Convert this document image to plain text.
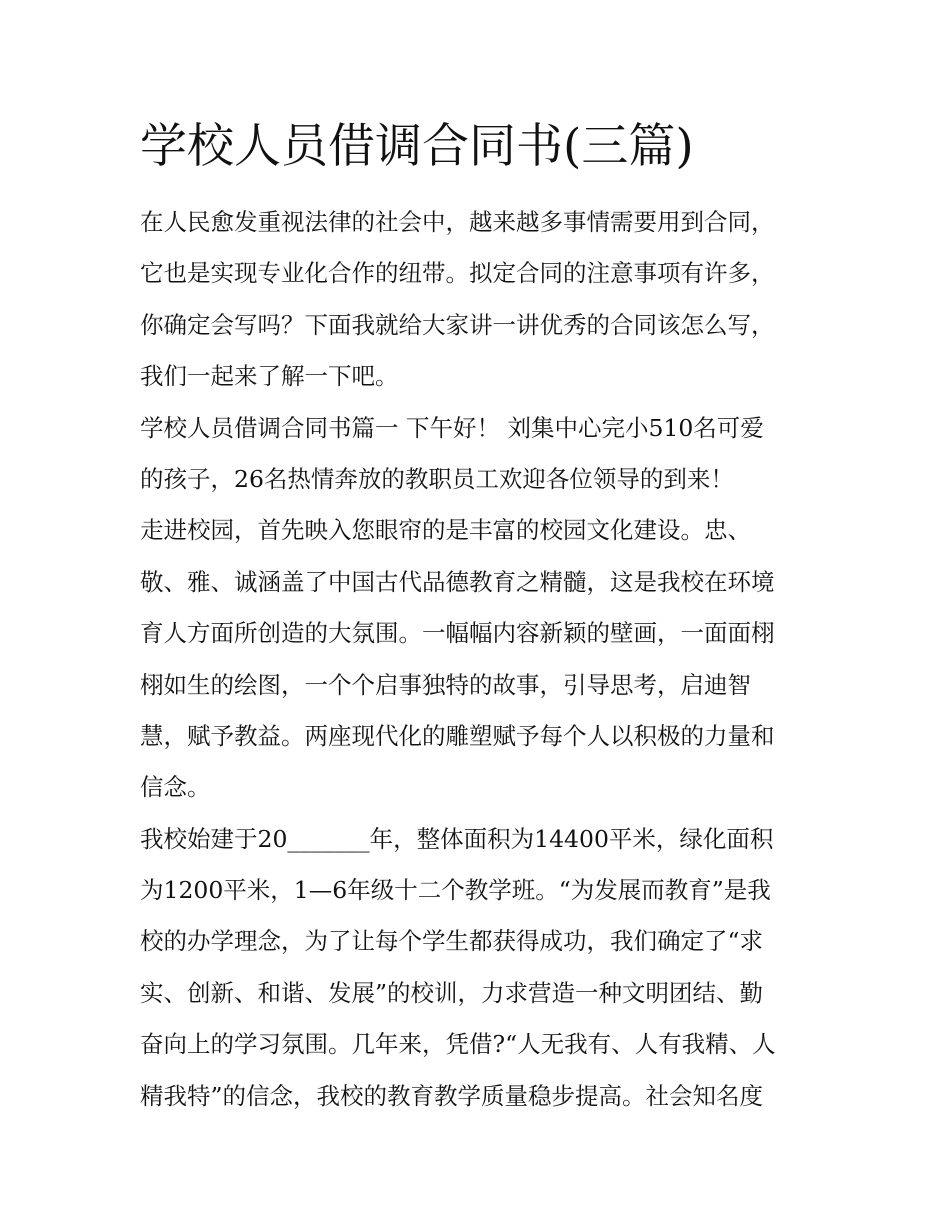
学校人员借调合同书(三篇)
在人民愈发重视法律的社会中，越来越多事情需要用到合同，
它也是实现专业化合作的纽带。拟定合同的注意事项有许多，
你确定会写吗？下面我就给大家讲一讲优秀的合同该怎么写，
我们一起来了解一下吧。
学校人员借调合同书篇一 下午好！ 刘集中心完小510名可爱
的孩子，26名热情奔放的教职员工欢迎各位领导的到来！
走进校园，首先映入您眼帘的是丰富的校园文化建设。忠、
敬、雅、诚涵盖了中国古代品德教育之精髓，这是我校在环境
育人方面所创造的大氛围。一幅幅内容新颖的壁画，一面面栩
栩如生的绘图，一个个启事独特的故事，引导思考，启迪智
慧，赋予教益。两座现代化的雕塑赋予每个人以积极的力量和
信念。
我校始建于20_______年，整体面积为14400平米，绿化面积
为1200平米，1—6年级十二个教学班。“为发展而教育”是我
校的办学理念，为了让每个学生都获得成功，我们确定了“求
实、创新、和谐、发展”的校训，力求营造一种文明团结、勤
奋向上的学习氛围。几年来，凭借?“人无我有、人有我精、人
精我特”的信念，我校的教育教学质量稳步提高。社会知名度
